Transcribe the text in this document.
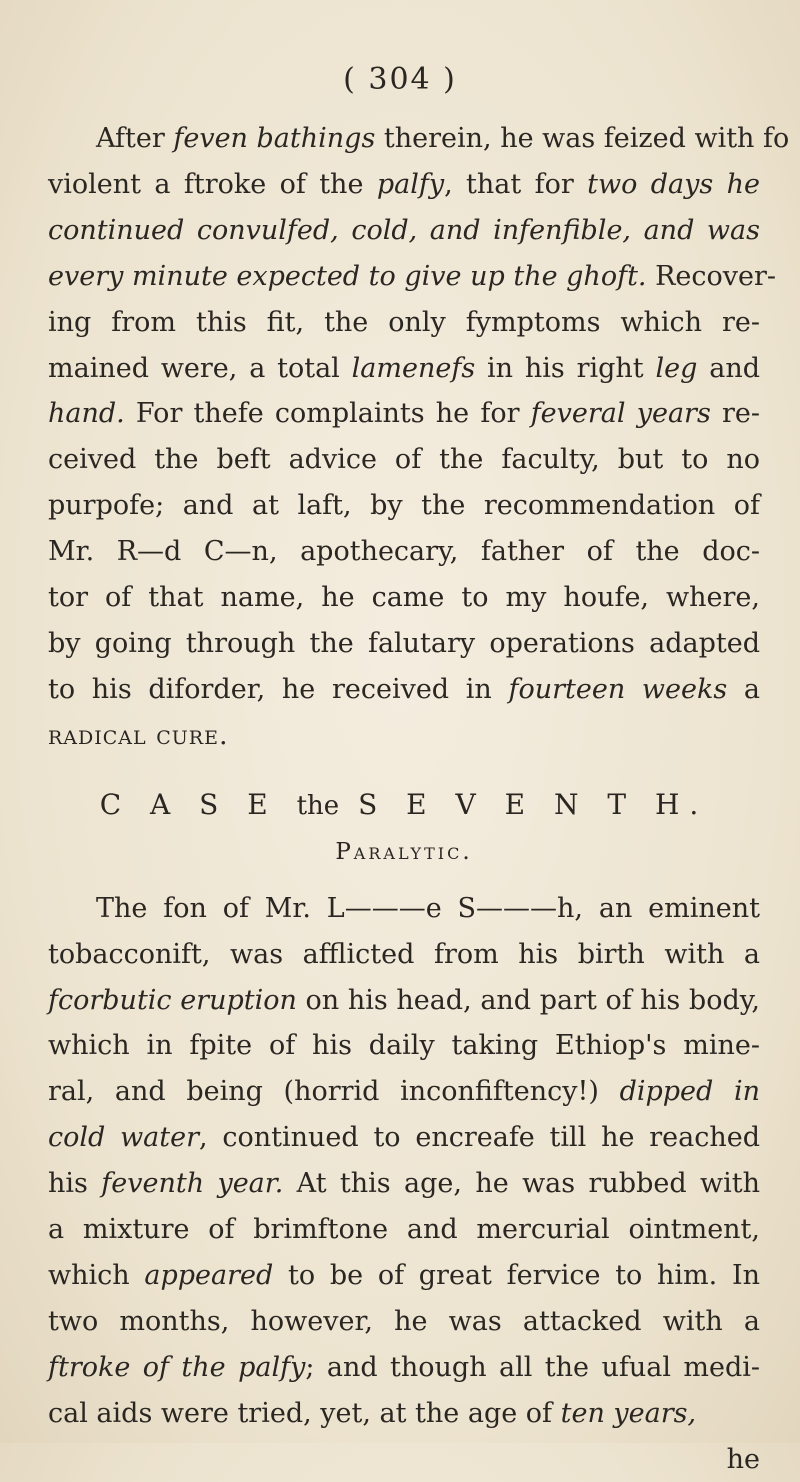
( 304 )
After feven bathings therein, he was feized with fo
violent a ftroke of the palfy, that for two days he
continued convulfed, cold, and infenfible, and was
every minute expected to give up the ghoft. Recover-
ing from this fit, the only fymptoms which re-
mained were, a total lamenefs in his right leg and
hand. For thefe complaints he for feveral years re-
ceived the beft advice of the faculty, but to no
purpofe; and at laft, by the recommendation of
Mr. R—d C—n, apothecary, father of the doc-
tor of that name, he came to my houfe, where,
by going through the falutary operations adapted
to his diforder, he received in fourteen weeks a
radical cure.
C A S E the S E V E N T H.
Paralytic.
The fon of Mr. L———e S———h, an eminent
tobacconift, was afflicted from his birth with a
fcorbutic eruption on his head, and part of his body,
which in fpite of his daily taking Ethiop's mine-
ral, and being (horrid inconfiftency!) dipped in
cold water, continued to encreafe till he reached
his feventh year. At this age, he was rubbed with
a mixture of brimftone and mercurial ointment,
which appeared to be of great fervice to him. In
two months, however, he was attacked with a
ftroke of the palfy; and though all the ufual medi-
cal aids were tried, yet, at the age of ten years,
he
